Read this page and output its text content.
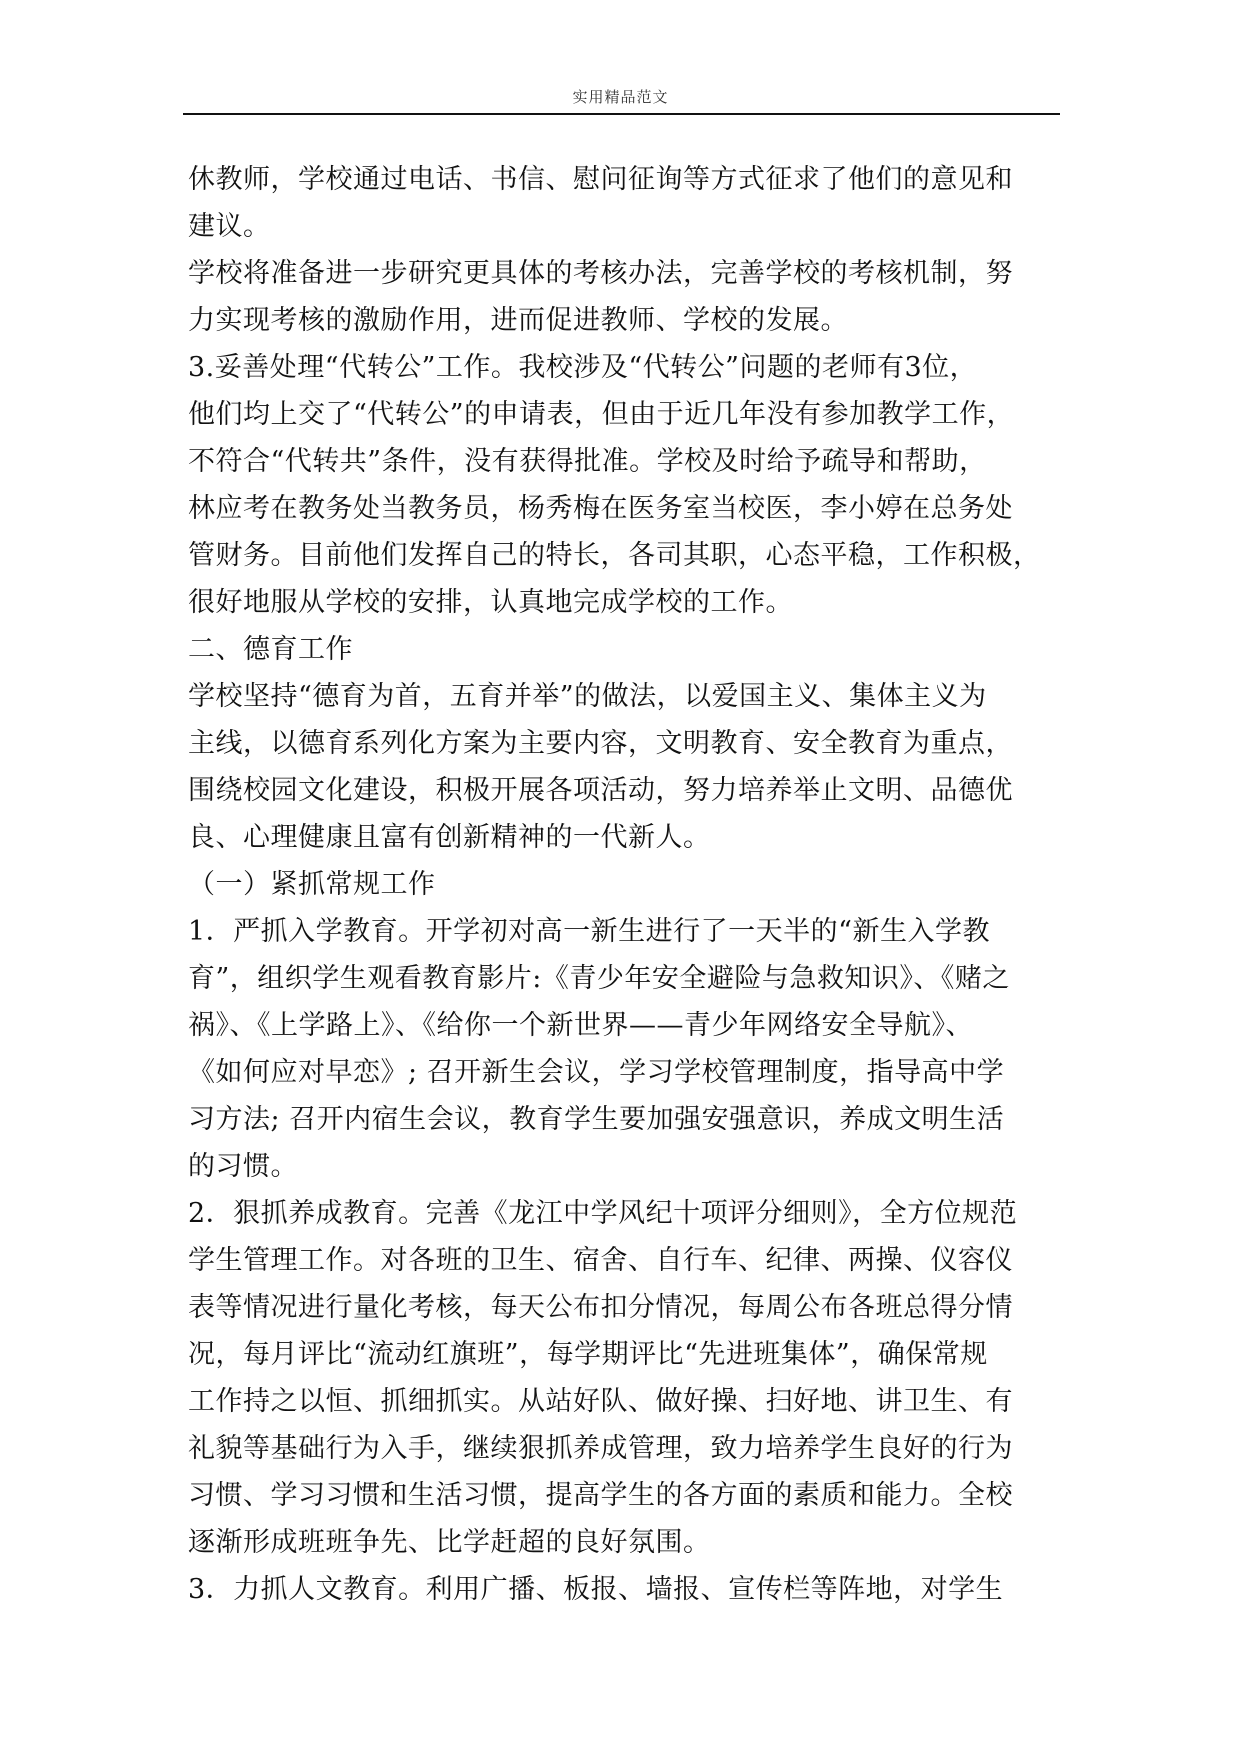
实用精品范文
休教师，学校通过电话、书信、慰问征询等方式征求了他们的意见和
建议。
学校将准备进一步研究更具体的考核办法，完善学校的考核机制，努
力实现考核的激励作用，进而促进教师、学校的发展。
3.妥善处理“代转公”工作。我校涉及“代转公”问题的老师有3位，
他们均上交了“代转公”的申请表，但由于近几年没有参加教学工作，
不符合“代转共”条件，没有获得批准。学校及时给予疏导和帮助，
林应考在教务处当教务员，杨秀梅在医务室当校医，李小婷在总务处
管财务。目前他们发挥自己的特长，各司其职，心态平稳，工作积极，
很好地服从学校的安排，认真地完成学校的工作。
二、德育工作
学校坚持“德育为首，五育并举”的做法，以爱国主义、集体主义为
主线，以德育系列化方案为主要内容，文明教育、安全教育为重点，
围绕校园文化建设，积极开展各项活动，努力培养举止文明、品德优
良、心理健康且富有创新精神的一代新人。
（一）紧抓常规工作
1．严抓入学教育。开学初对高一新生进行了一天半的“新生入学教
育”，组织学生观看教育影片:《青少年安全避险与急救知识》、《赌之
祸》、《上学路上》、《给你一个新世界——青少年网络安全导航》、
《如何应对早恋》; 召开新生会议，学习学校管理制度，指导高中学
习方法; 召开内宿生会议，教育学生要加强安强意识，养成文明生活
的习惯。
2．狠抓养成教育。完善《龙江中学风纪十项评分细则》，全方位规范
学生管理工作。对各班的卫生、宿舍、自行车、纪律、两操、仪容仪
表等情况进行量化考核，每天公布扣分情况，每周公布各班总得分情
况，每月评比“流动红旗班”，每学期评比“先进班集体”，确保常规
工作持之以恒、抓细抓实。从站好队、做好操、扫好地、讲卫生、有
礼貌等基础行为入手，继续狠抓养成管理，致力培养学生良好的行为
习惯、学习习惯和生活习惯，提高学生的各方面的素质和能力。全校
逐渐形成班班争先、比学赶超的良好氛围。
3．力抓人文教育。利用广播、板报、墙报、宣传栏等阵地，对学生
